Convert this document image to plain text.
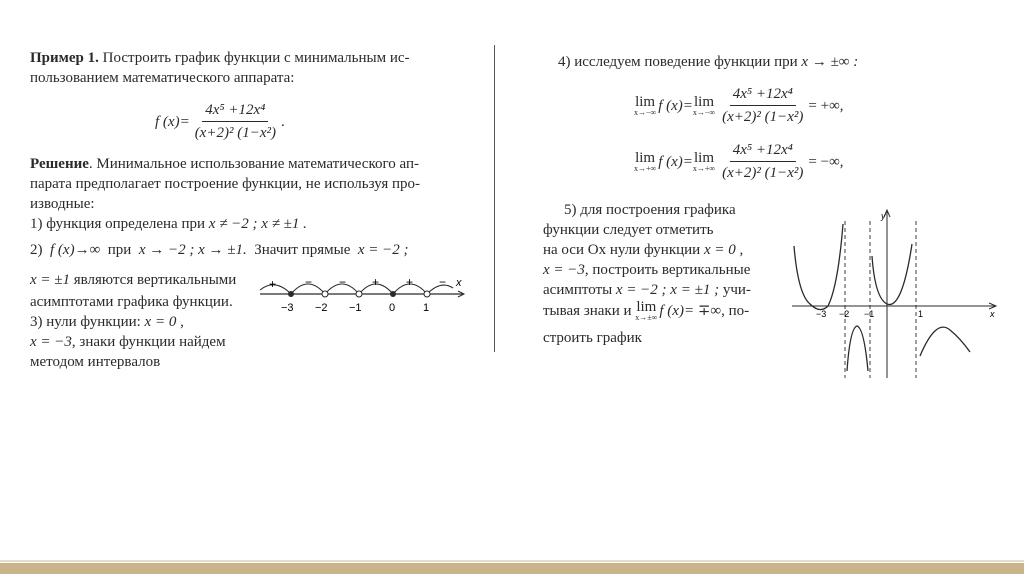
Пример 1. Построить график функции с минимальным ис-
пользованием математического аппарата:
f $(x)= \frac{\text{4x⁵ +12x⁴}}{\text{(x+2)² (1−x²)}}$ .
Решение. Минимальное использование математического ап-
парата предполагает построение функции, не используя про-
изводные:
1) функция определена при x ≠ −2 ; x ≠ ±1 .
2) f (x)→∞ при x → −2 ; x → ±1. Значит прямые x = −2 ;
x = ±1 являются вертикальными
асимптотами графика функции.
3) нули функции: x = 0 ,
x = −3, знаки функции найдем
методом интервалов
+ − − + + −
−3 −2 −1 0	1
x
4) исследуем поведение функции при x → ±∞ :
lim
x→−∞ f (x)= lim
$x\to-\infty \frac{\text{4x⁵ +12x⁴}}{\text{(x+2)² (1−x²)}}$ = +∞,
lim
x→+∞ f (x)= lim
$x\to+\infty \frac{\text{4x⁵ +12x⁴}}{\text{(x+2)² (1−x²)}}$ = −∞,
5) для построения графика
функции следует отметить
на оси Ox нули функции x = 0 ,
x = −3, построить вертикальные
асимптоты x = −2 ; x = ±1 ; учи-
тывая знаки и
lim
x→±∞ f (x)= ∓∞ , по-
строить график
y
x
−3 −2 −1	1
